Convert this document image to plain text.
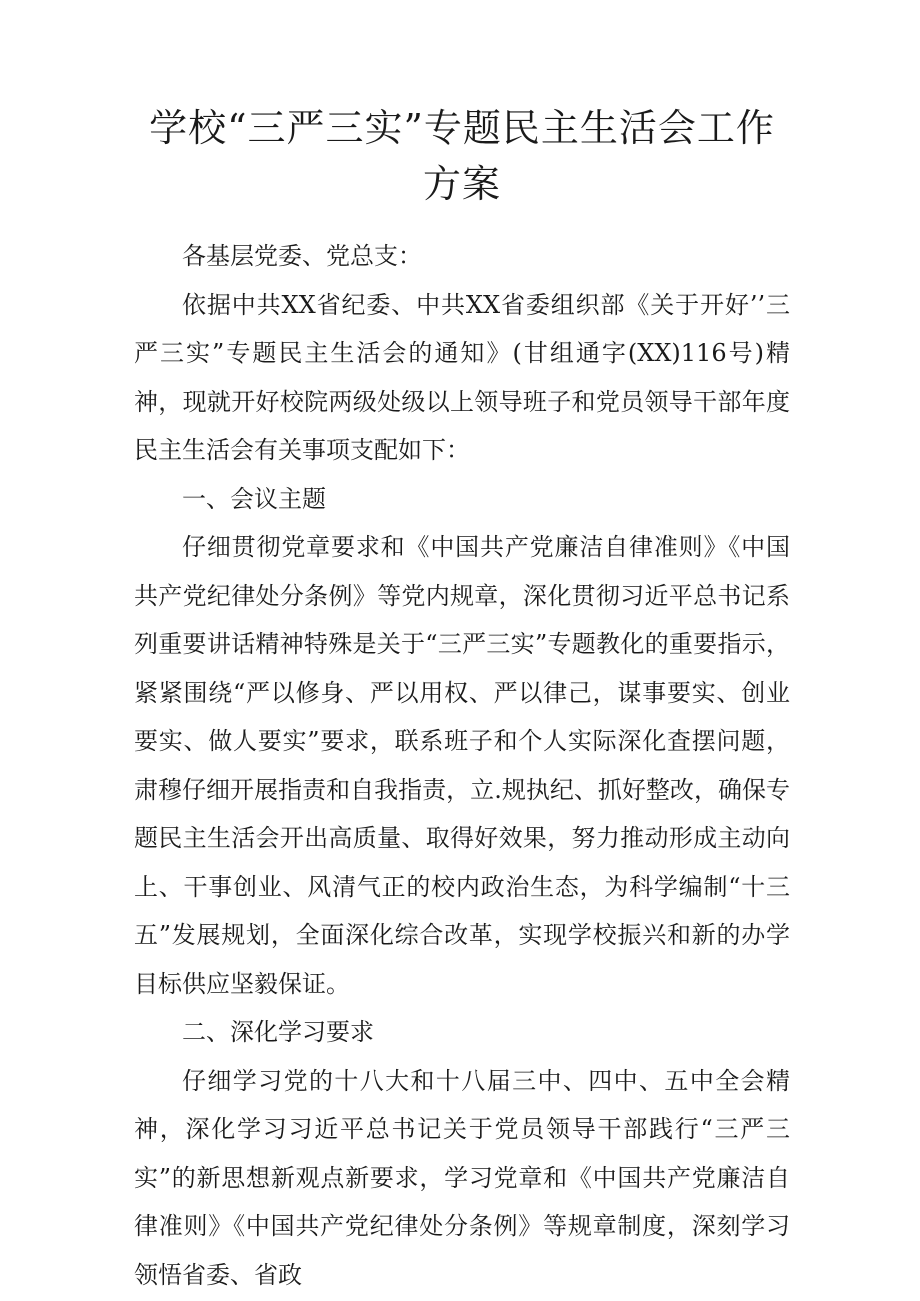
学校“三严三实”专题民主生活会工作
方案

各基层党委、党总支：

依据中共XX省纪委、中共XX省委组织部《关于开好’’三严三实”专题民主生活会的通知》(甘组通字(XX)116号)精神，现就开好校院两级处级以上领导班子和党员领导干部年度民主生活会有关事项支配如下：

一、会议主题

仔细贯彻党章要求和《中国共产党廉洁自律准则》《中国共产党纪律处分条例》等党内规章，深化贯彻习近平总书记系列重要讲话精神特殊是关于“三严三实”专题教化的重要指示，紧紧围绕“严以修身、严以用权、严以律己，谋事要实、创业要实、做人要实”要求，联系班子和个人实际深化査摆问题，肃穆仔细开展指责和自我指责，立.规执纪、抓好整改，确保专题民主生活会开出高质量、取得好效果，努力推动形成主动向上、干事创业、风清气正的校内政治生态，为科学编制“十三五”发展规划，全面深化综合改革，实现学校振兴和新的办学目标供应坚毅保证。

二、深化学习要求

仔细学习党的十八大和十八届三中、四中、五中全会精神，深化学习习近平总书记关于党员领导干部践行“三严三实”的新思想新观点新要求，学习党章和《中国共产党廉洁自律准则》《中国共产党纪律处分条例》等规章制度，深刻学习领悟省委、省政
